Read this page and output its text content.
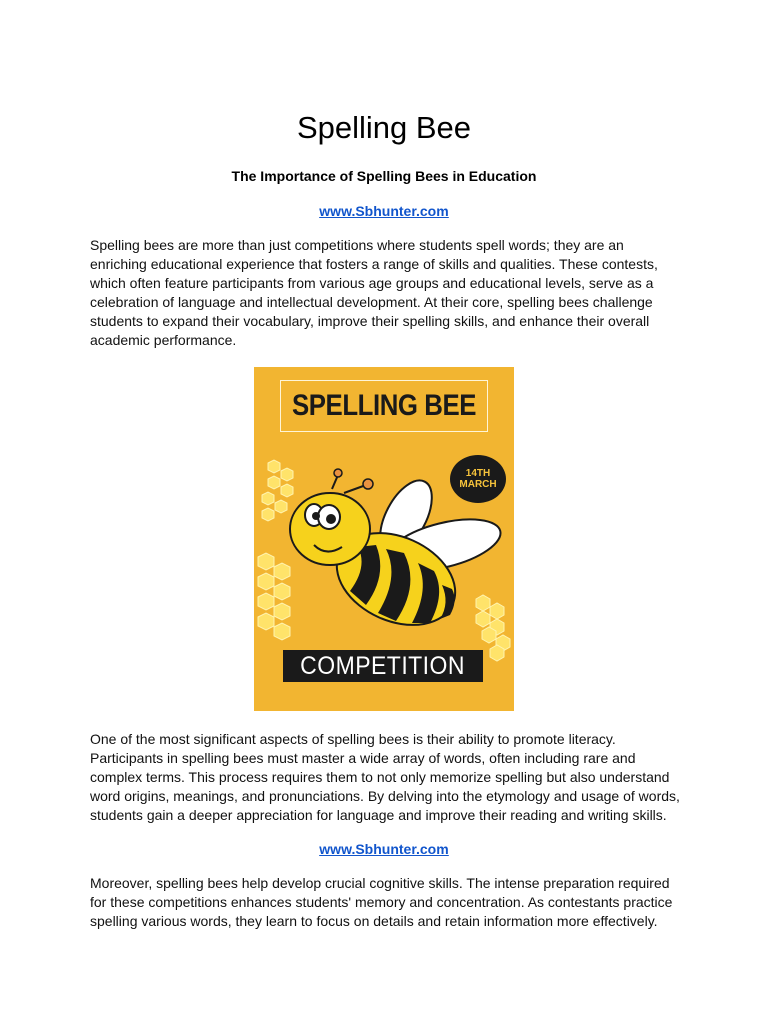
Spelling Bee

The Importance of Spelling Bees in Education

www.Sbhunter.com

Spelling bees are more than just competitions where students spell words; they are an enriching educational experience that fosters a range of skills and qualities. These contests, which often feature participants from various age groups and educational levels, serve as a celebration of language and intellectual development. At their core, spelling bees challenge students to expand their vocabulary, improve their spelling skills, and enhance their overall academic performance.

SPELLING BEE
14TH
MARCH
COMPETITION

One of the most significant aspects of spelling bees is their ability to promote literacy. Participants in spelling bees must master a wide array of words, often including rare and complex terms. This process requires them to not only memorize spelling but also understand word origins, meanings, and pronunciations. By delving into the etymology and usage of words, students gain a deeper appreciation for language and improve their reading and writing skills.

www.Sbhunter.com

Moreover, spelling bees help develop crucial cognitive skills. The intense preparation required for these competitions enhances students' memory and concentration. As contestants practice spelling various words, they learn to focus on details and retain information more effectively.
